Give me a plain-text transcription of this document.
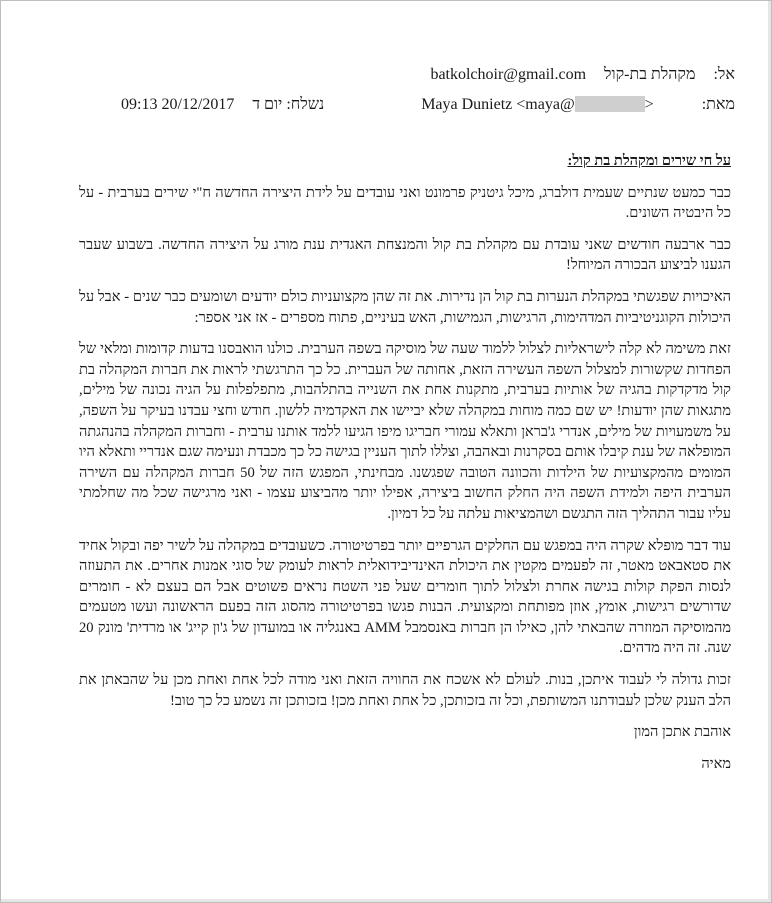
אל:  מקהלת בת-קול  batkolchoir@gmail.com
מאת:  Maya Dunietz <maya@	>
נשלח: יום ד  09:13 20/12/2017

על חי שירים ומקהלת בת קול:

כבר כמעט שנתיים שעמית דולברג, מיכל גיטניק פרמונט ואני עובדים על לידת היצירה החדשה ח"י שירים בערבית - על כל היבטיה השונים.

כבר ארבעה חודשים שאני עובדת עם מקהלת בת קול והמנצחת האגדית ענת מורג על היצירה החדשה. בשבוע שעבר הגענו לביצוע הבכורה המיוחל!

האיכויות שפגשתי במקהלת הנערות בת קול הן נדירות. את זה שהן מקצועניות כולם יודעים ושומעים כבר שנים - אבל על היכולות הקוגניטיביות המדהימות, הרגישות, הגמישות, האש בעיניים, פתוח מספרים - אז אני אספר:

זאת משימה לא קלה לישראליות לצלול ללמוד שעה של מוסיקה בשפה הערבית. כולנו הואבסנו בדעות קדומות ומלאי של הפחדות שקשורות למצלול השפה העשירה הזאת, אחותה של העברית. כל כך התרגשתי לראות את חברות המקהלה בת קול מדקדקות בהגיה של אותיות בערבית, מתקנות אחת את השנייה בהתלהבות, מתפלפלות על הגיה נכונה של מילים, מתגאות שהן יודעות! יש שם כמה מוחות במקהלה שלא יביישו את האקדמיה ללשון. חודש וחצי עבדנו בעיקר על השפה, על משמעויות של מילים, אנדרי ג'בראן ותאלא עמורי חבריגו מיפו הגיעו ללמד אותנו ערבית - וחברות המקהלה בהנהגתה המופלאה של ענת קיבלו אותם בסקרנות ובאהבה, וצללו לתוך העניין בגישה כל כך מכבדת ונעימה שגם אנדריי ותאלא היו המומים מהמקצועיות של הילדות והכוונה הטובה שפגשנו. מבחינתי, המפגש הזה של 50 חברות המקהלה עם השירה הערבית היפה ולמידת השפה היה החלק החשוב ביצירה, אפילו יותר מהביצוע עצמו - ואני מרגישה שכל מה שחלמתי עליו עבור התהליך הזה התגשם ושהמציאות עלתה על כל דמיון.

עוד דבר מופלא שקרה היה במפגש עם החלקים הגרפיים יותר בפרטיטורה. כשעובדים במקהלה על לשיר יפה ובקול אחיד את סטאבאט מאטר, זה לפעמים מקטין את היכולת האינדיבידואלית לראות לעומק של סוגי אמנות אחרים. את התעוזה לנסות הפקת קולות בגישה אחרת ולצלול לתוך חומרים שעל פני השטח נראים פשוטים אבל הם בעצם לא - חומרים שדורשים רגישות, אומץ, אוזן מפותחת ומקצועית. הבנות פגשו בפרטיטורה מהסוג הזה בפעם הראשונה ועשו מטעמים מהמוסיקה המוזרה שהבאתי להן, כאילו הן חברות באנסמבל AMM באנגליה או במועדון של ג'ון קייג' או מרדית' מונק 20 שנה. זה היה מדהים.

זכות גדולה לי לעבוד איתכן, בנות. לעולם לא אשכח את החוויה הזאת ואני מודה לכל אחת ואחת מכן על שהבאתן את הלב הענק שלכן לעבודתנו המשותפת, וכל זה בזכותכן, כל אחת ואחת מכן! בזכותכן זה נשמע כל כך טוב!

אוהבת אתכן המון

מאיה
